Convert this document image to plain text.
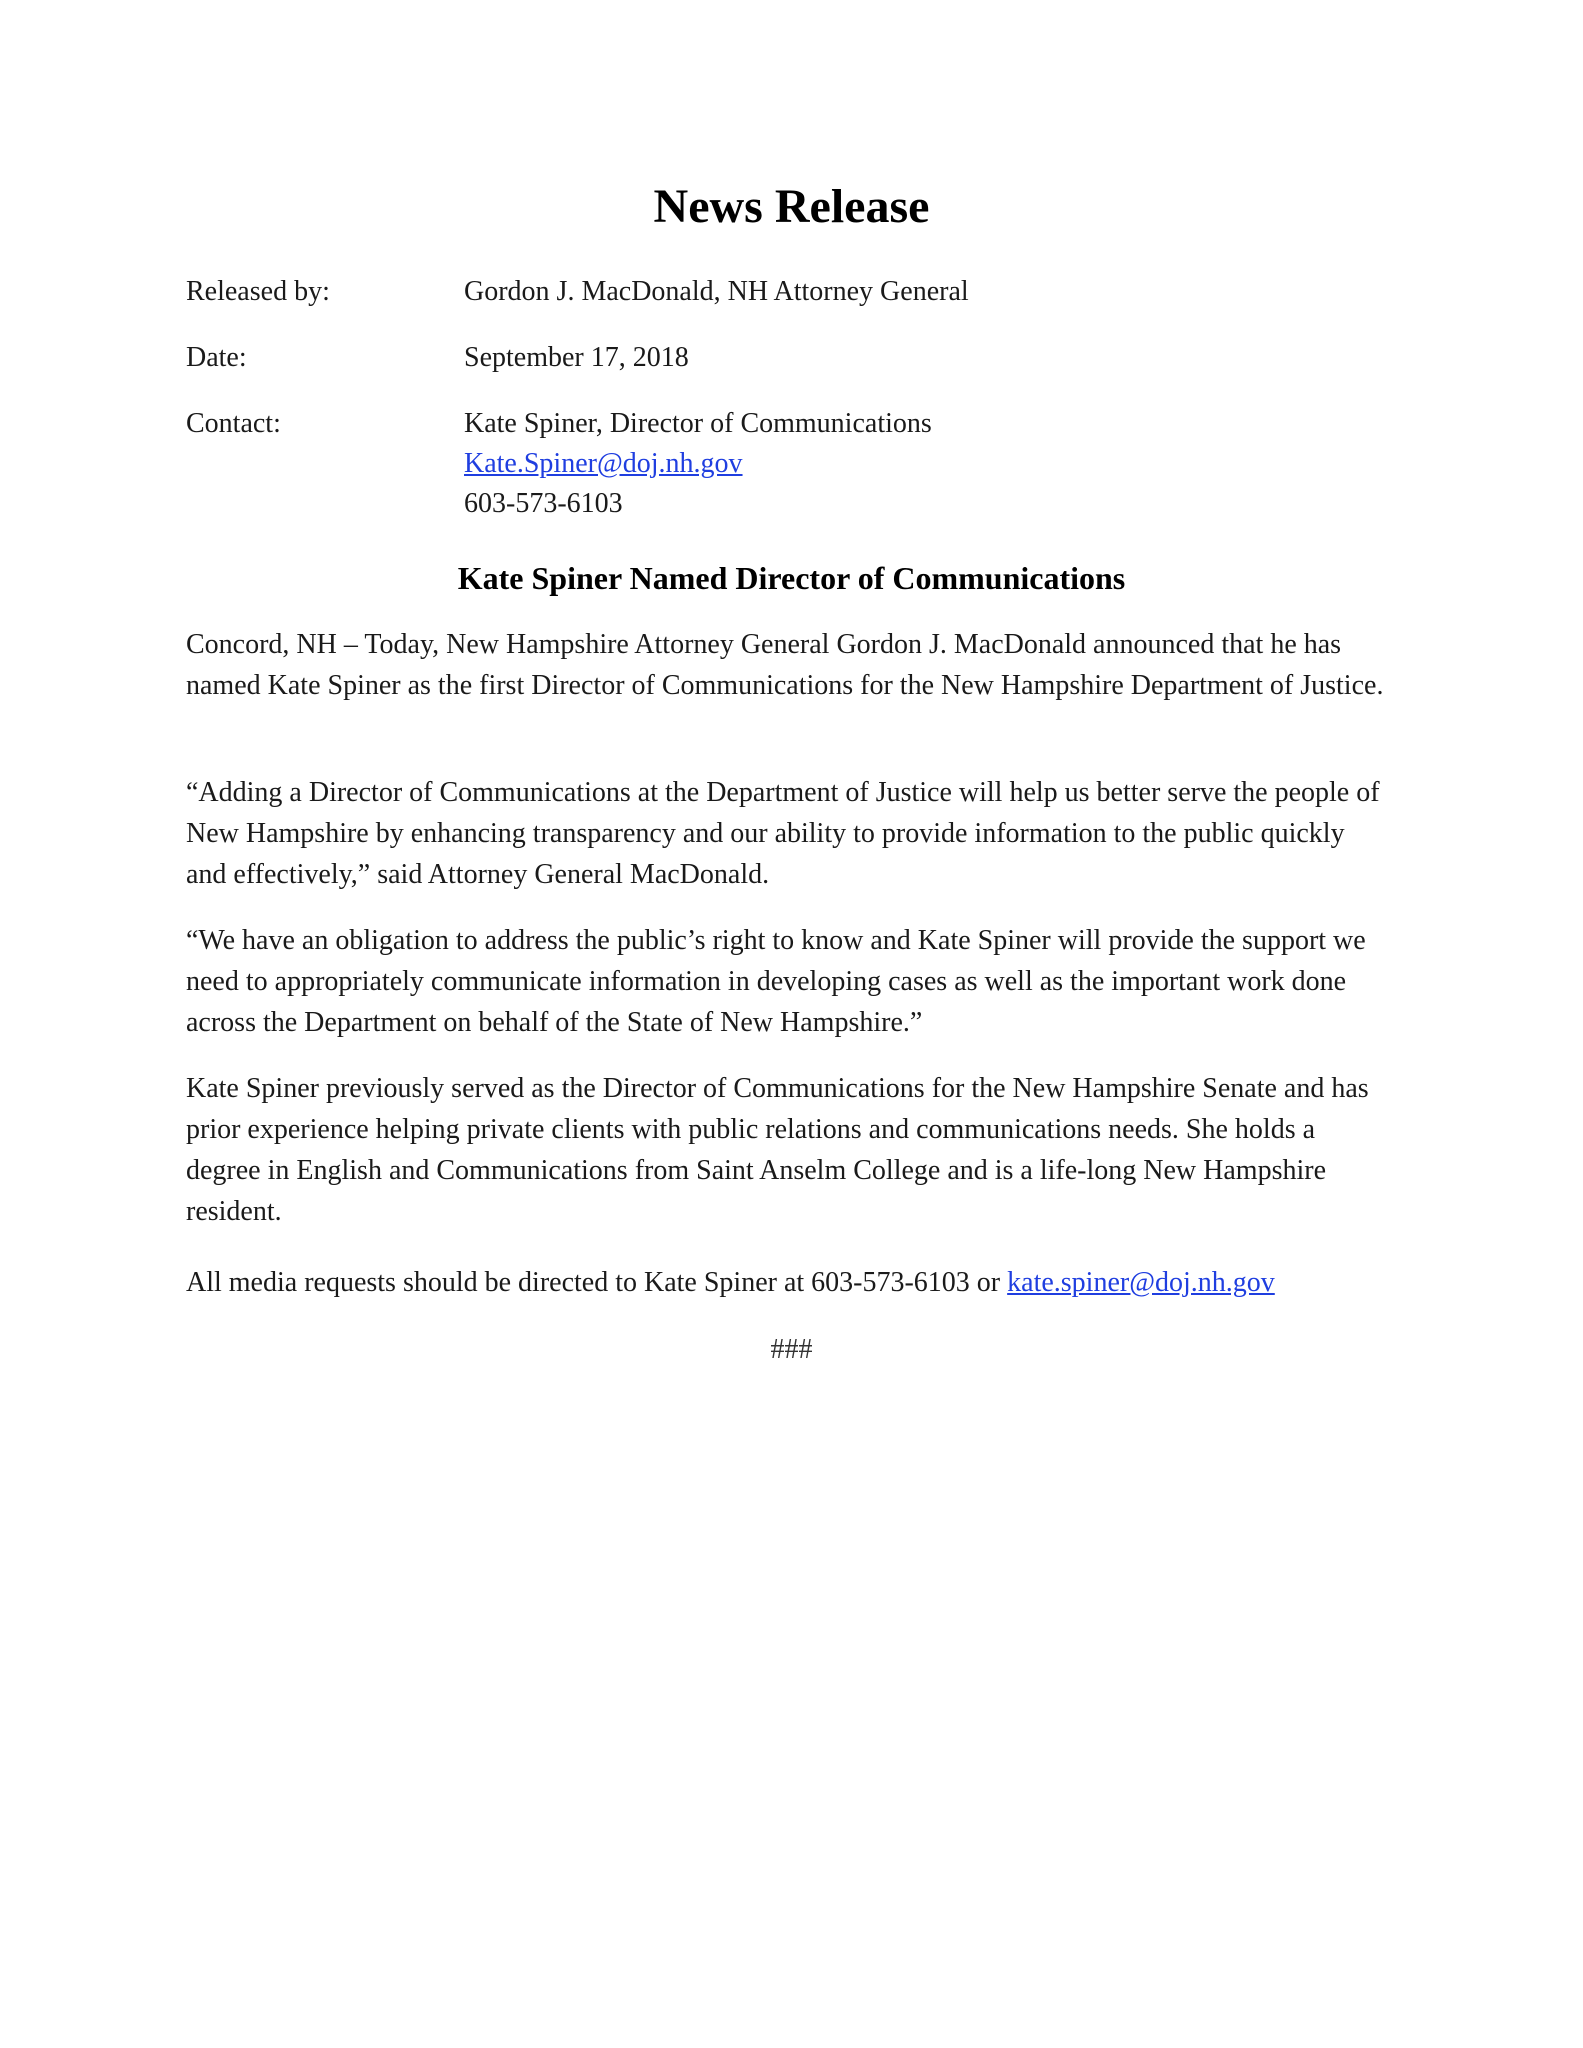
News Release
Released by:	Gordon J. MacDonald, NH Attorney General
Date:	September 17, 2018
Contact:	Kate Spiner, Director of Communications
Kate.Spiner@doj.nh.gov
603-573-6103
Kate Spiner Named Director of Communications

Concord, NH – Today, New Hampshire Attorney General Gordon J. MacDonald announced that he has named Kate Spiner as the first Director of Communications for the New Hampshire Department of Justice.

“Adding a Director of Communications at the Department of Justice will help us better serve the people of New Hampshire by enhancing transparency and our ability to provide information to the public quickly and effectively,” said Attorney General MacDonald.

“We have an obligation to address the public’s right to know and Kate Spiner will provide the support we need to appropriately communicate information in developing cases as well as the important work done across the Department on behalf of the State of New Hampshire.”

Kate Spiner previously served as the Director of Communications for the New Hampshire Senate and has prior experience helping private clients with public relations and communications needs. She holds a degree in English and Communications from Saint Anselm College and is a life-long New Hampshire resident.

All media requests should be directed to Kate Spiner at 603-573-6103 or kate.spiner@doj.nh.gov

###
